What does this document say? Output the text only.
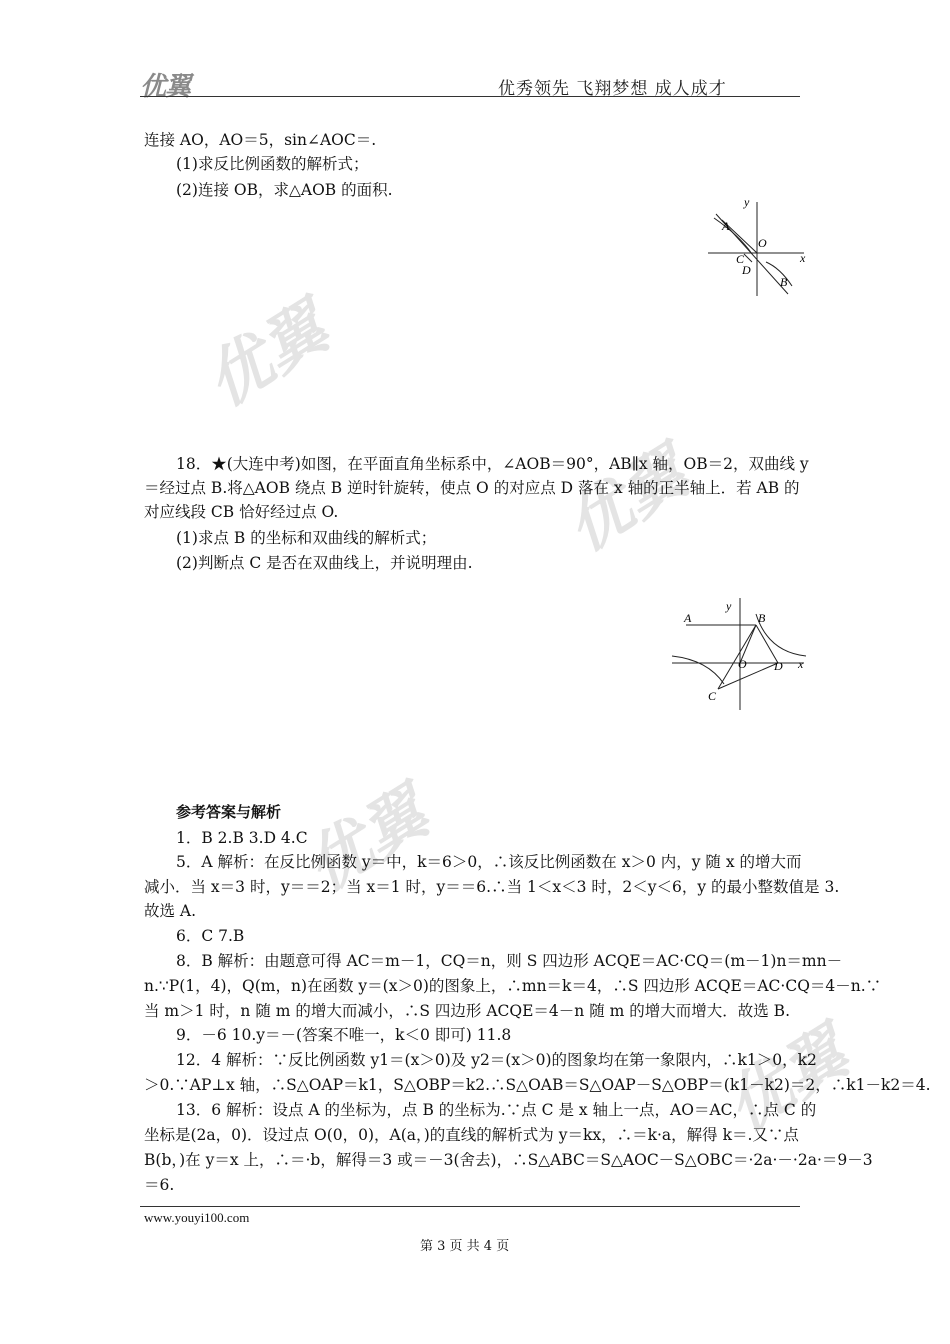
优翼	优秀领先 飞翔梦想 成人成才
优翼
优翼
优翼
优翼
连接 AO，AO＝5，sin∠AOC＝.
(1)求反比例函数的解析式；
(2)连接 OB，求△AOB 的面积.
y
x
A
O
C
D
B
18．★(大连中考)如图，在平面直角坐标系中，∠AOB＝90°，AB∥x 轴，OB＝2，双曲线 y
＝经过点 B.将△AOB 绕点 B 逆时针旋转，使点 O 的对应点 D 落在 x 轴的正半轴上．若 AB 的
对应线段 CB 恰好经过点 O.
(1)求点 B 的坐标和双曲线的解析式；
(2)判断点 C 是否在双曲线上，并说明理由.
y
x
A	B
O D
C
参考答案与解析
1．B 2.B 3.D 4.C
5．A 解析：在反比例函数 y＝中，k＝6＞0，∴该反比例函数在 x＞0 内，y 随 x 的增大而
减小．当 x＝3 时，y＝＝2；当 x＝1 时，y＝＝6.∴当 1＜x＜3 时，2＜y＜6，y 的最小整数值是 3.
故选 A.
6．C 7.B
8．B 解析：由题意可得 AC＝m－1，CQ＝n，则 S 四边形 ACQE＝AC·CQ＝(m－1)n＝mn－
n.∵P(1，4)，Q(m，n)在函数 y＝(x＞0)的图象上，∴mn＝k＝4，∴S 四边形 ACQE＝AC·CQ＝4－n.∵
当 m＞1 时，n 随 m 的增大而减小，∴S 四边形 ACQE＝4－n 随 m 的增大而增大．故选 B.
9．－6 10.y＝－(答案不唯一，k＜0 即可) 11.8
12．4 解析：∵反比例函数 y1＝(x＞0)及 y2＝(x＞0)的图象均在第一象限内，∴k1＞0，k2
＞0.∵AP⊥x 轴，∴S△OAP＝k1，S△OBP＝k2.∴S△OAB＝S△OAP－S△OBP＝(k1－k2)＝2，∴k1－k2＝4.
13．6 解析：设点 A 的坐标为，点 B 的坐标为.∵点 C 是 x 轴上一点，AO＝AC，∴点 C 的
坐标是(2a，0)．设过点 O(0，0)，A(a，)的直线的解析式为 y＝kx，∴＝k·a，解得 k＝.又∵点
B(b，)在 y＝x 上，∴＝·b，解得＝3 或＝－3(舍去)，∴S△ABC＝S△AOC－S△OBC＝·2a·－·2a·＝9－3
＝6.
www.youyi100.com
第 3 页 共 4 页
